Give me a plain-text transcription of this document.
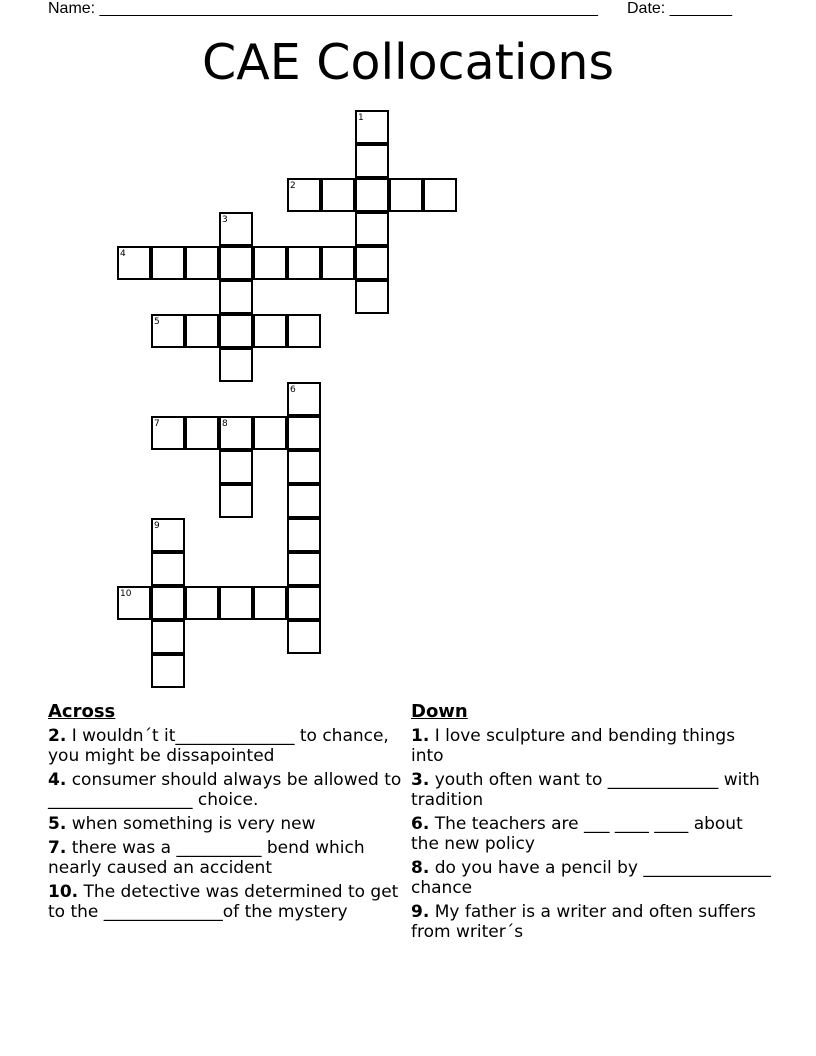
Name: ________________________________________________________ Date: _______
CAE Collocations
1
2
3
4
5
6
7	8
9
10
Across
2. I wouldn´t it______________ to chance, you might be dissapointed
4. consumer should always be allowed to _________________ choice.
5. when something is very new
7. there was a __________ bend which nearly caused an accident
10. The detective was determined to get to the ______________of the mystery
Down
1. I love sculpture and bending things into
3. youth often want to _____________ with tradition
6. The teachers are ___ ____ ____ about the new policy
8. do you have a pencil by _______________ chance
9. My father is a writer and often suffers from writer´s
